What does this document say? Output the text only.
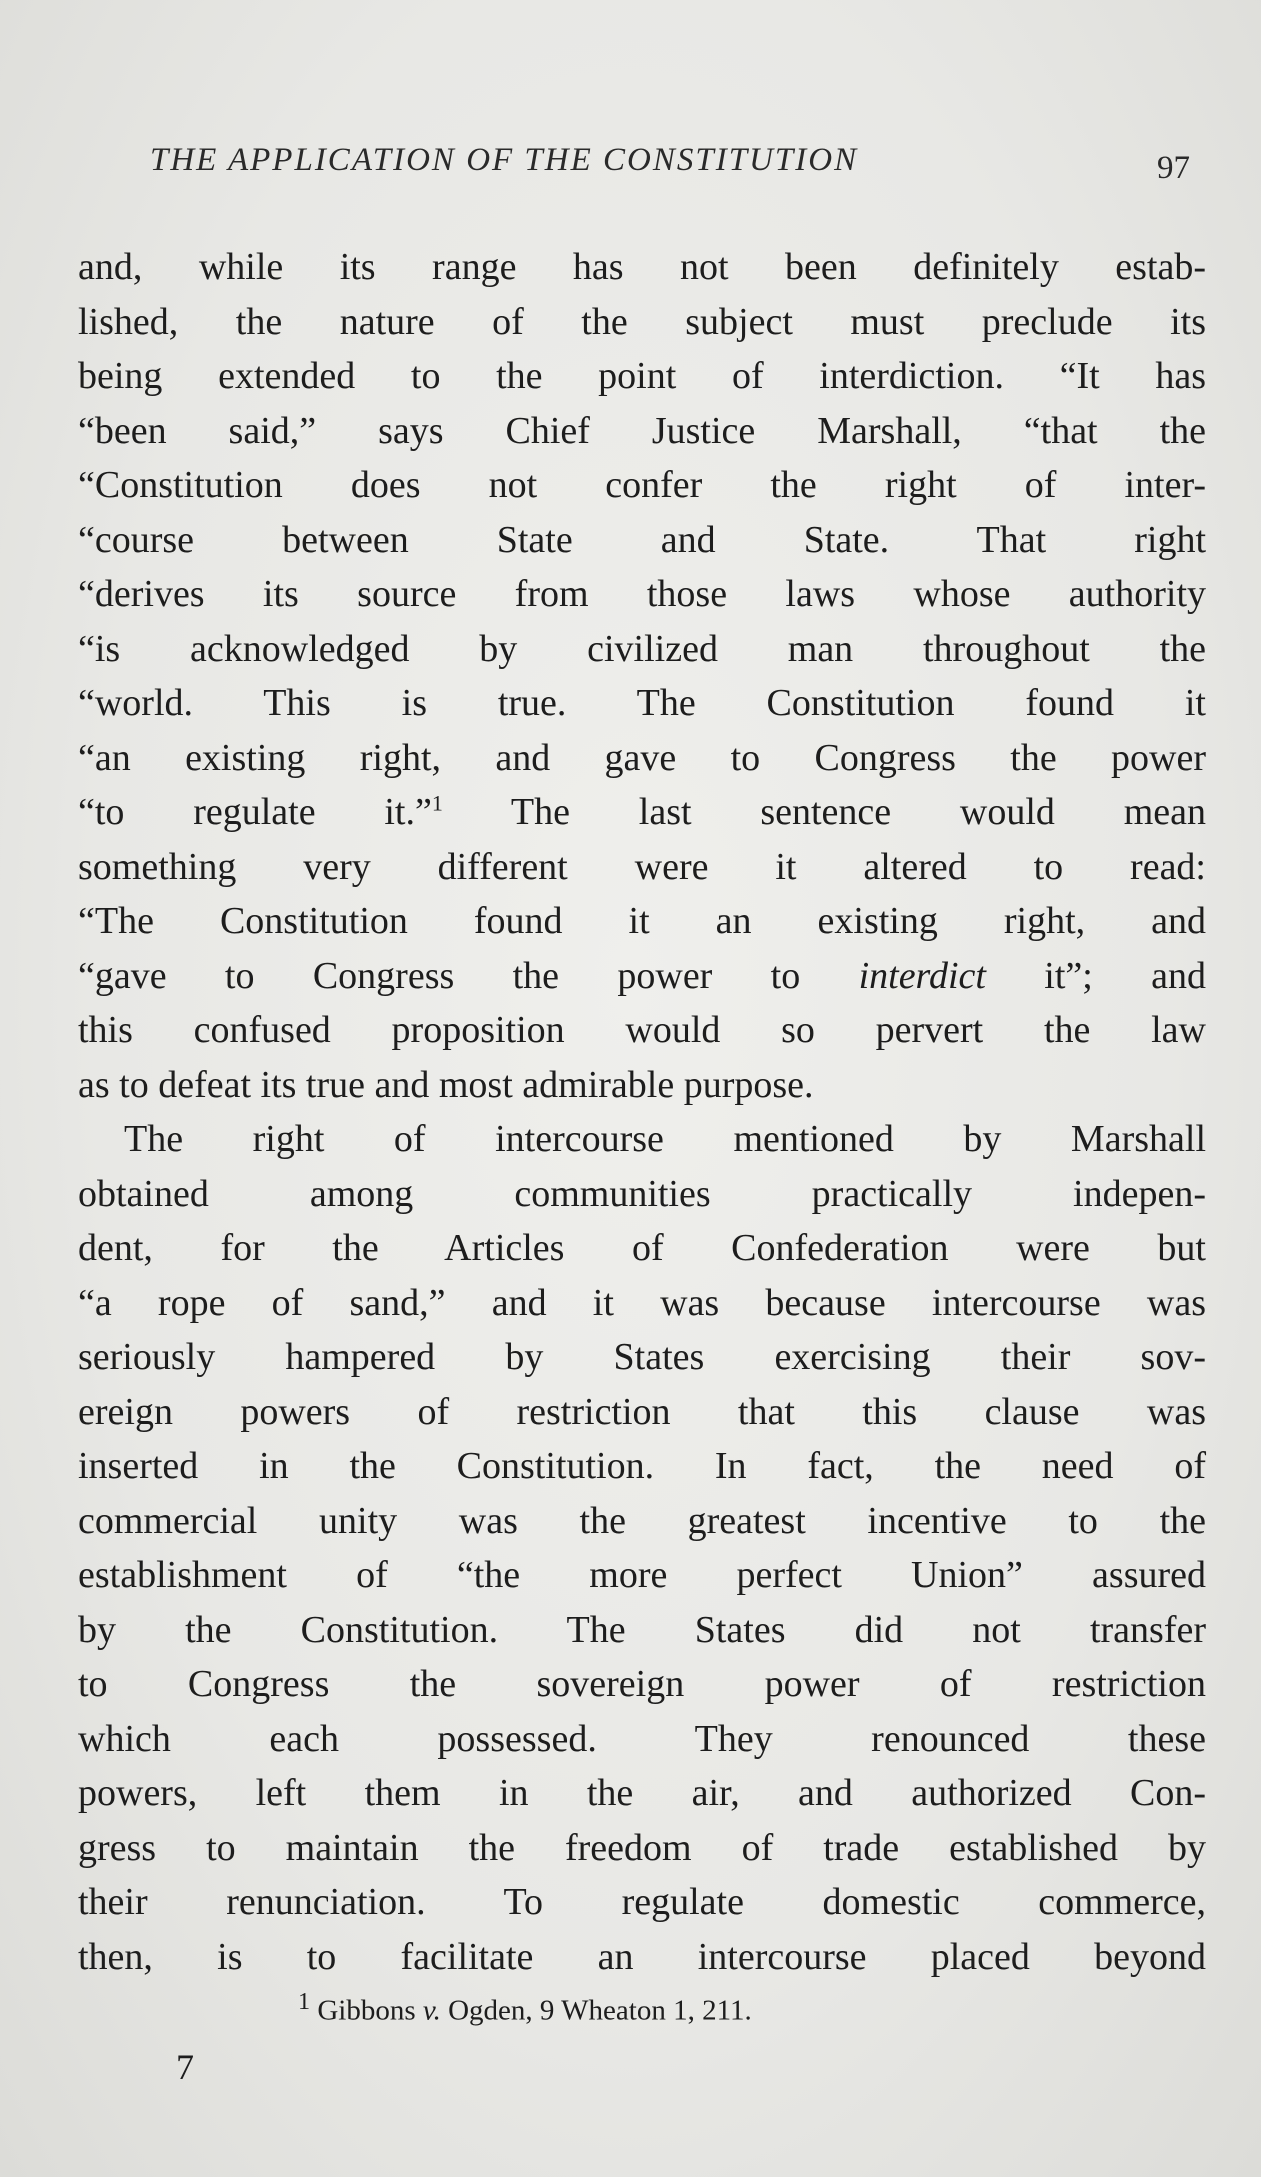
THE APPLICATION OF THE CONSTITUTION	97
and, while its range has not been definitely estab-
lished, the nature of the subject must preclude its
being extended to the point of interdiction. “It has
“been said,” says Chief Justice Marshall, “that the
“Constitution does not confer the right of inter-
“course between State and State. That right
“derives its source from those laws whose authority
“is acknowledged by civilized man throughout the
“world. This is true. The Constitution found it
“an existing right, and gave to Congress the power
“to regulate it.”$^1$ The last sentence would mean
something very different were it altered to read:
“The Constitution found it an existing right, and
“gave to Congress the power to interdict it”; and
this confused proposition would so pervert the law
as to defeat its true and most admirable purpose.
The right of intercourse mentioned by Marshall
obtained among communities practically indepen-
dent, for the Articles of Confederation were but
“a rope of sand,” and it was because intercourse was
seriously hampered by States exercising their sov-
ereign powers of restriction that this clause was
inserted in the Constitution. In fact, the need of
commercial unity was the greatest incentive to the
establishment of “the more perfect Union” assured
by the Constitution. The States did not transfer
to Congress the sovereign power of restriction
which each possessed. They renounced these
powers, left them in the air, and authorized Con-
gress to maintain the freedom of trade established by
their renunciation. To regulate domestic commerce,
then, is to facilitate an intercourse placed beyond
$^1$ Gibbons v. Ogden, 9 Wheaton 1, 211.
7
